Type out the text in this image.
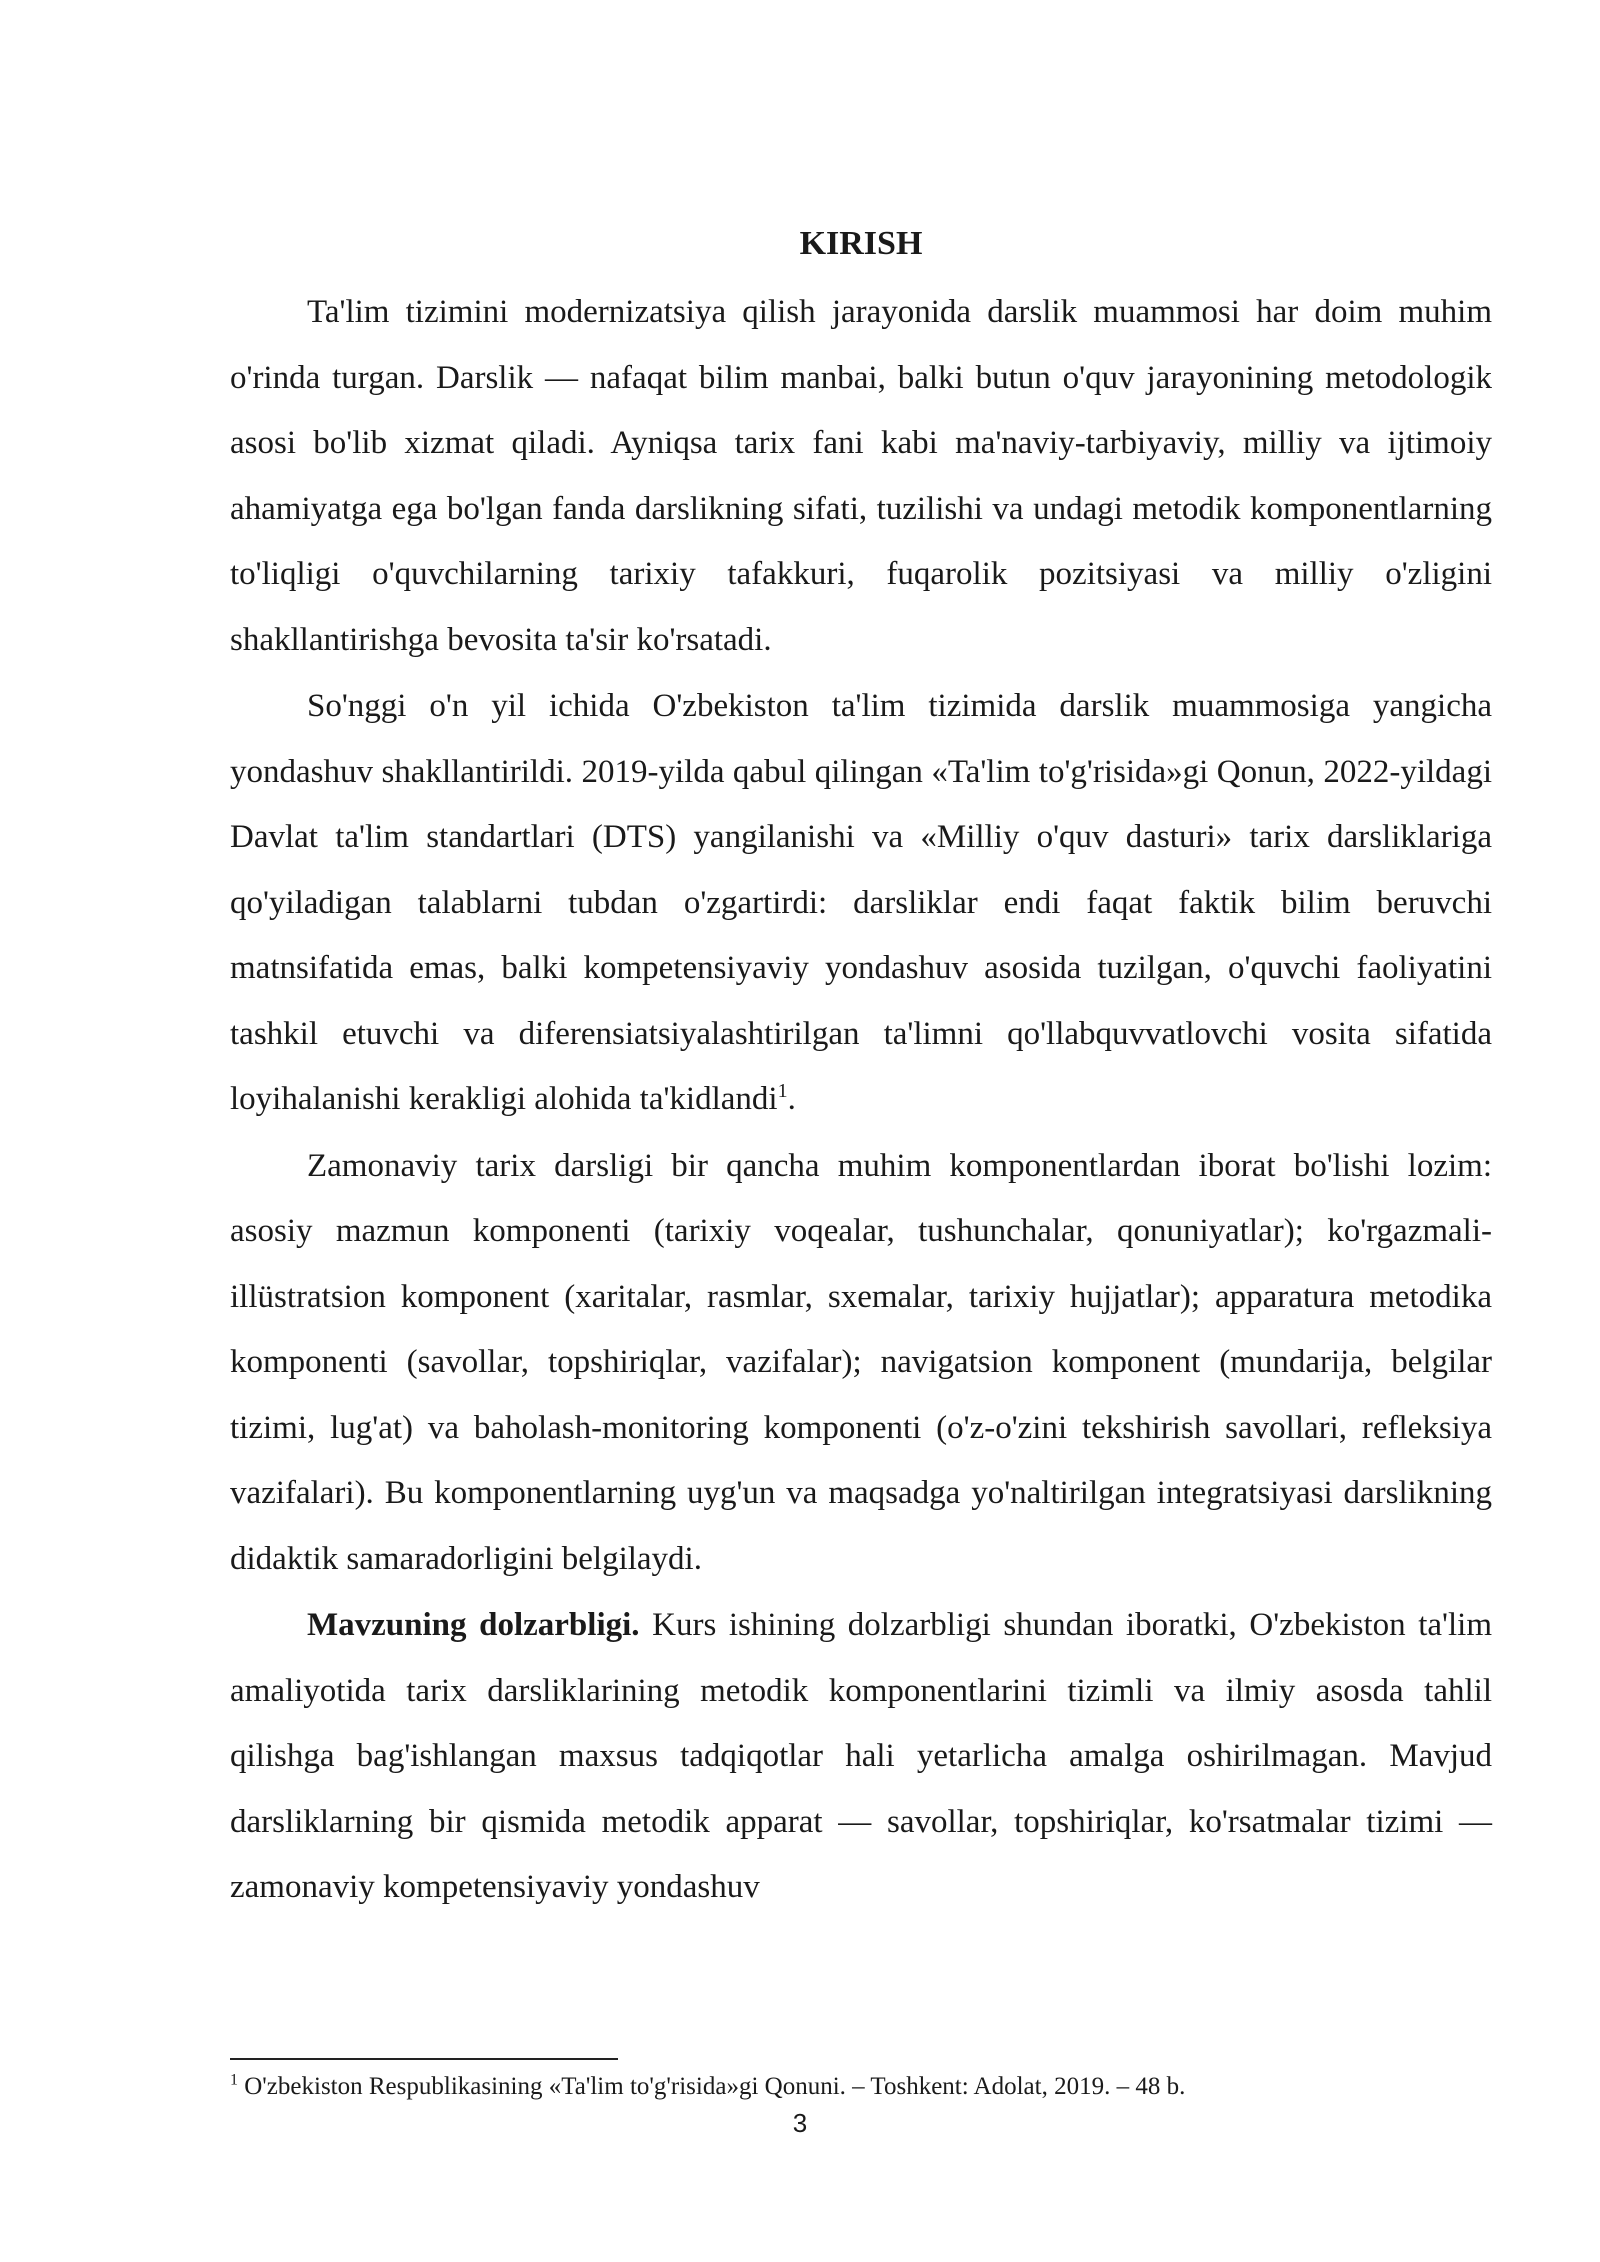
KIRISH

Ta'lim tizimini modernizatsiya qilish jarayonida darslik muammosi har doim muhim o'rinda turgan. Darslik — nafaqat bilim manbai, balki butun o'quv jarayonining metodologik asosi bo'lib xizmat qiladi. Ayniqsa tarix fani kabi ma'naviy-tarbiyaviy, milliy va ijtimoiy ahamiyatga ega bo'lgan fanda darslikning sifati, tuzilishi va undagi metodik komponentlarning to'liqligi o'quvchilarning tarixiy tafakkuri, fuqarolik pozitsiyasi va milliy o'zligini shakllantirishga bevosita ta'sir ko'rsatadi.

So'nggi o'n yil ichida O'zbekiston ta'lim tizimida darslik muammosiga yangicha yondashuv shakllantirildi. 2019-yilda qabul qilingan «Ta'lim to'g'risida»gi Qonun, 2022-yildagi Davlat ta'lim standartlari (DTS) yangilanishi va «Milliy o'quv dasturi» tarix darsliklariga qo'yiladigan talablarni tubdan o'zgartirdi: darsliklar endi faqat faktik bilim beruvchi matnsifatida emas, balki kompetensiyaviy yondashuv asosida tuzilgan, o'quvchi faoliyatini tashkil etuvchi va diferensiatsiyalashtirilgan ta'limni qo'llabquvvatlovchi vosita sifatida loyihalanishi kerakligi alohida ta'kidlandi$^1$.

Zamonaviy tarix darsligi bir qancha muhim komponentlardan iborat bo'lishi lozim: asosiy mazmun komponenti (tarixiy voqealar, tushunchalar, qonuniyatlar); ko'rgazmali-illüstratsion komponent (xaritalar, rasmlar, sxemalar, tarixiy hujjatlar); apparatura metodika komponenti (savollar, topshiriqlar, vazifalar); navigatsion komponent (mundarija, belgilar tizimi, lug'at) va baholash-monitoring komponenti (o'z-o'zini tekshirish savollari, refleksiya vazifalari). Bu komponentlarning uyg'un va maqsadga yo'naltirilgan integratsiyasi darslikning didaktik samaradorligini belgilaydi.

Mavzuning dolzarbligi. Kurs ishining dolzarbligi shundan iboratki, O'zbekiston ta'lim amaliyotida tarix darsliklarining metodik komponentlarini tizimli va ilmiy asosda tahlil qilishga bag'ishlangan maxsus tadqiqotlar hali yetarlicha amalga oshirilmagan. Mavjud darsliklarning bir qismida metodik apparat — savollar, topshiriqlar, ko'rsatmalar tizimi — zamonaviy kompetensiyaviy yondashuv

$^1$ O'zbekiston Respublikasining «Ta'lim to'g'risida»gi Qonuni. – Toshkent: Adolat, 2019. – 48 b.
3
